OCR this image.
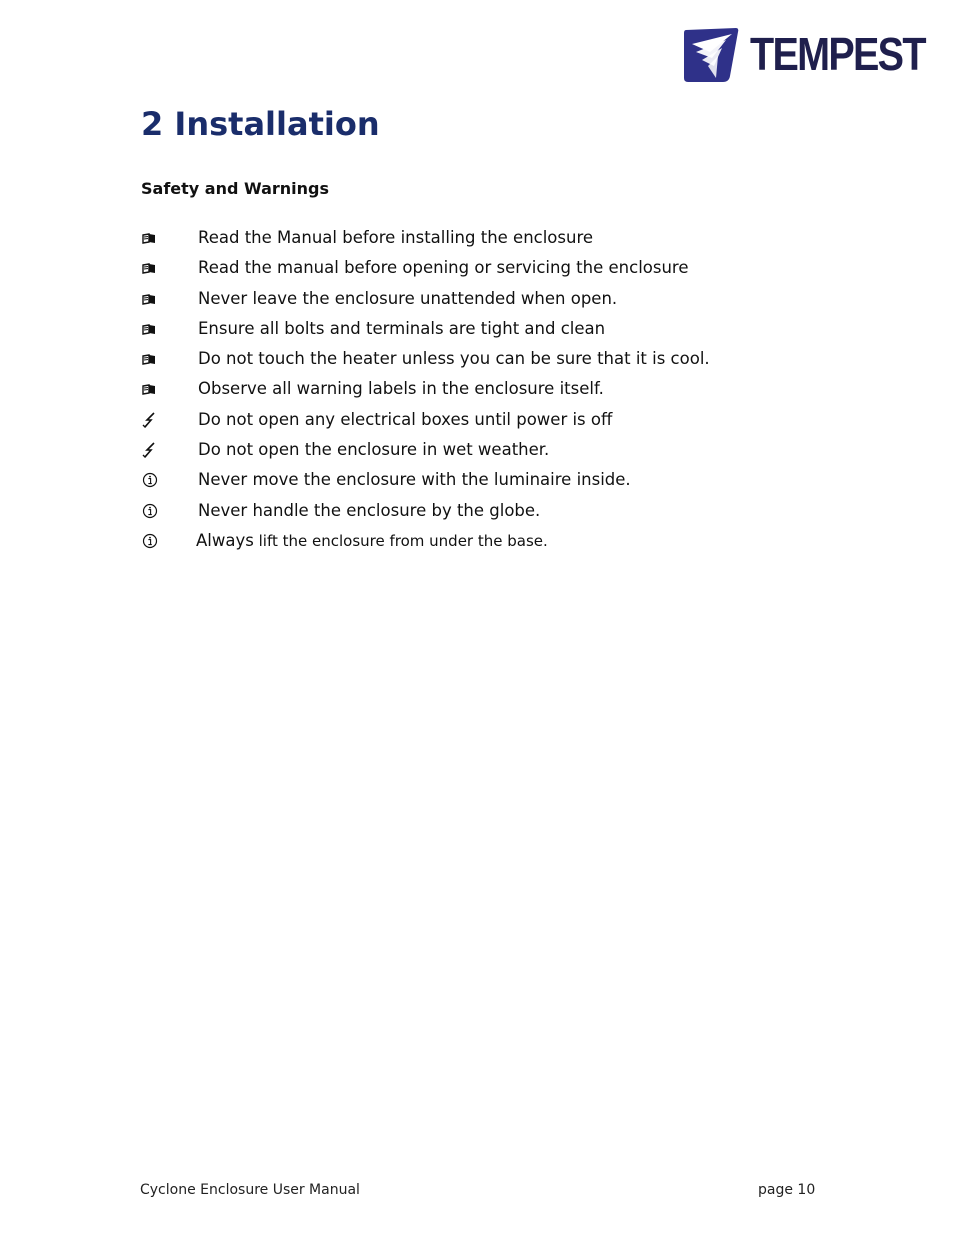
TEMPEST
2 Installation
Safety and Warnings
Read the Manual before installing the enclosure
Read the manual before opening or servicing the enclosure
Never leave the enclosure unattended when open.
Ensure all bolts and terminals are tight and clean
Do not touch the heater unless you can be sure that it is cool.
Observe all warning labels in the enclosure itself.
Do not open any electrical boxes until power is off
Do not open the enclosure in wet weather.
Never move the enclosure with the luminaire inside.
Never handle the enclosure by the globe.
Always lift the enclosure from under the base.
Cyclone Enclosure User Manual	page 10
